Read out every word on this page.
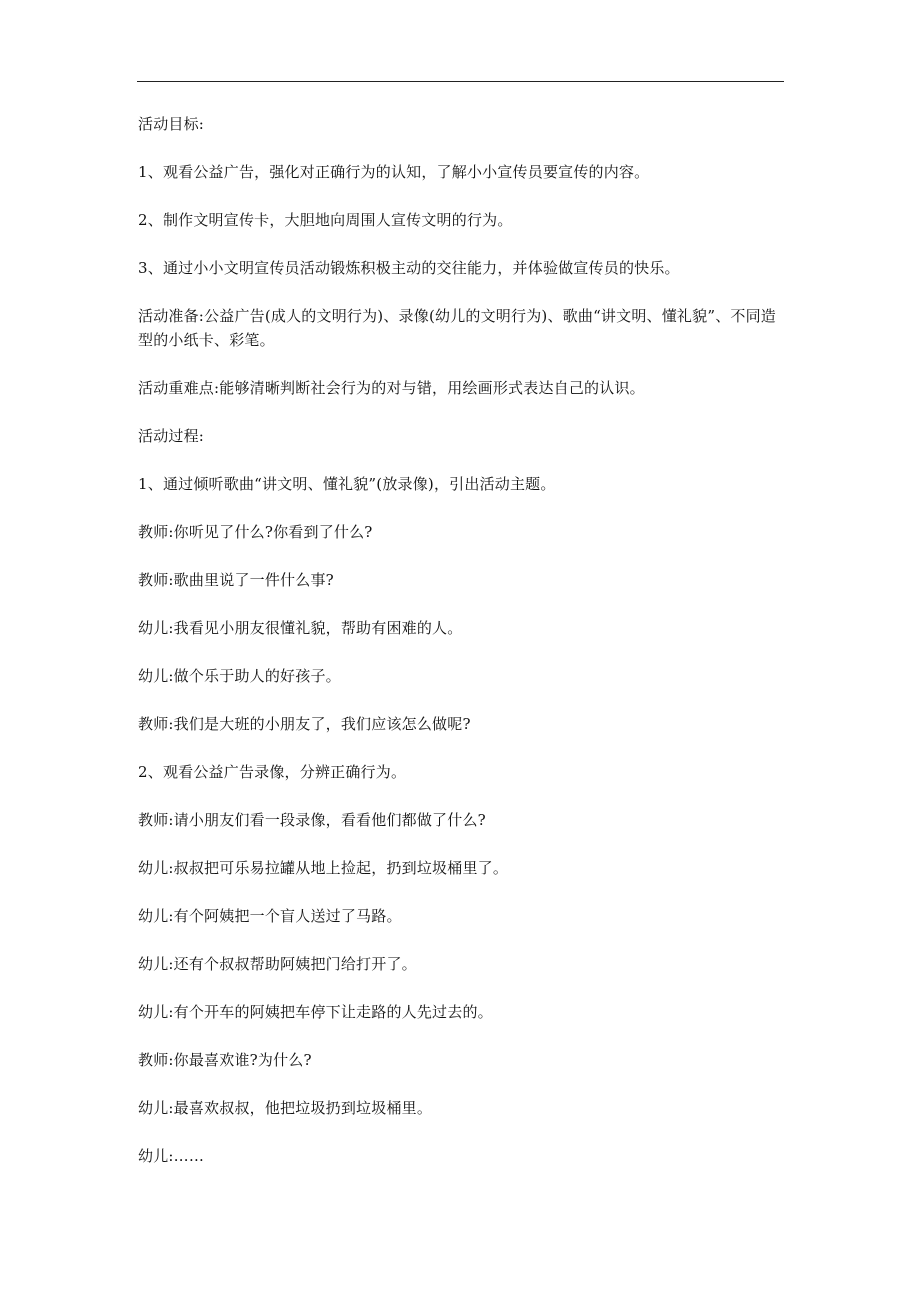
活动目标:

1、观看公益广告，强化对正确行为的认知，了解小小宣传员要宣传的内容。

2、制作文明宣传卡，大胆地向周围人宣传文明的行为。

3、通过小小文明宣传员活动锻炼积极主动的交往能力，并体验做宣传员的快乐。

活动准备:公益广告(成人的文明行为)、录像(幼儿的文明行为)、歌曲“讲文明、懂礼貌”、不同造型的小纸卡、彩笔。

活动重难点:能够清晰判断社会行为的对与错，用绘画形式表达自己的认识。

活动过程:

1、通过倾听歌曲“讲文明、懂礼貌”(放录像)，引出活动主题。

教师:你听见了什么?你看到了什么?

教师:歌曲里说了一件什么事?

幼儿:我看见小朋友很懂礼貌，帮助有困难的人。

幼儿:做个乐于助人的好孩子。

教师:我们是大班的小朋友了，我们应该怎么做呢?

2、观看公益广告录像，分辨正确行为。

教师:请小朋友们看一段录像，看看他们都做了什么?

幼儿:叔叔把可乐易拉罐从地上捡起，扔到垃圾桶里了。

幼儿:有个阿姨把一个盲人送过了马路。

幼儿:还有个叔叔帮助阿姨把门给打开了。

幼儿:有个开车的阿姨把车停下让走路的人先过去的。

教师:你最喜欢谁?为什么?

幼儿:最喜欢叔叔，他把垃圾扔到垃圾桶里。

幼儿:……
